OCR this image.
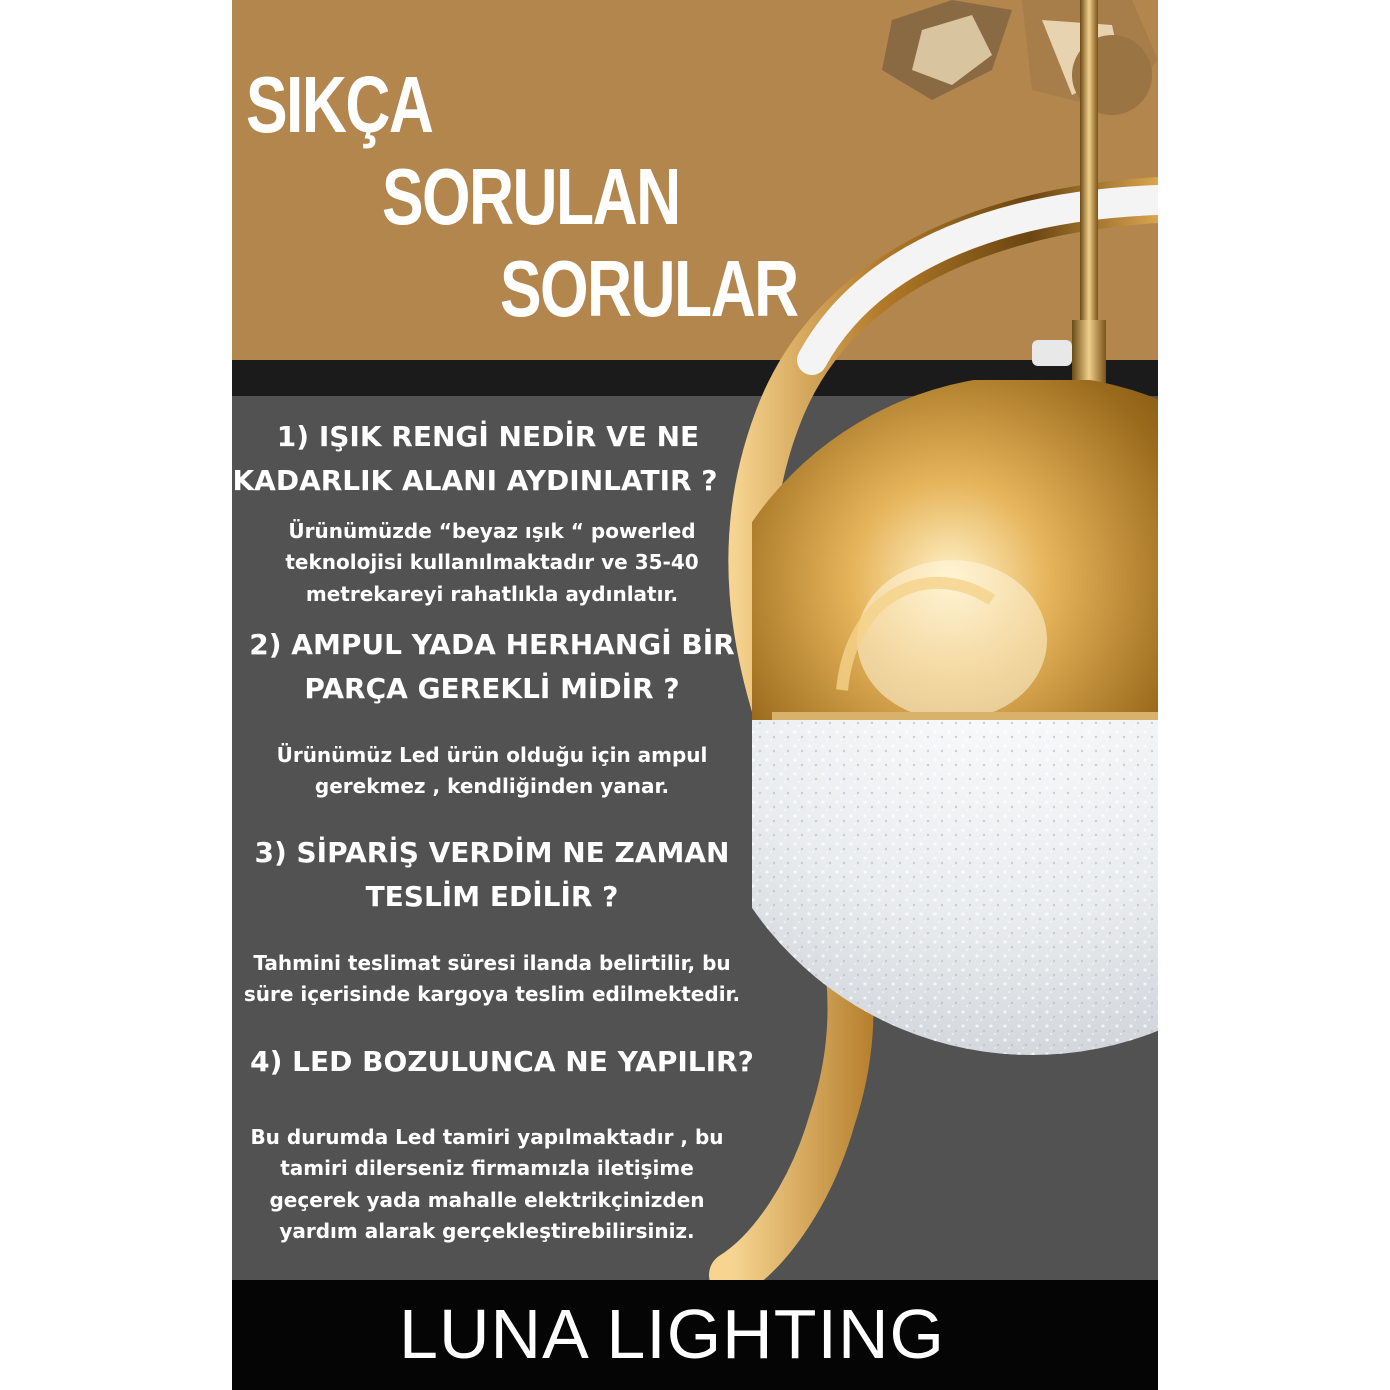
SIKÇA
SORULAN
SORULAR
1) IŞIK RENGİ NEDİR VE NE
KADARLIK ALANI AYDINLATIR ?
Ürünümüzde “beyaz ışık “ powerled
teknolojisi kullanılmaktadır ve 35-40
metrekareyi rahatlıkla aydınlatır.
2) AMPUL YADA HERHANGİ BİR
PARÇA GEREKLİ MİDİR ?
Ürünümüz Led ürün olduğu için ampul
gerekmez , kendliğinden yanar.
3) SİPARİŞ VERDİM NE ZAMAN
TESLİM EDİLİR ?
Tahmini teslimat süresi ilanda belirtilir, bu
süre içerisinde kargoya teslim edilmektedir.
4) LED BOZULUNCA NE YAPILIR?
Bu durumda Led tamiri yapılmaktadır , bu
tamiri dilerseniz firmamızla iletişime
geçerek yada mahalle elektrikçinizden
yardım alarak gerçekleştirebilirsiniz.
LUNA LIGHTING
